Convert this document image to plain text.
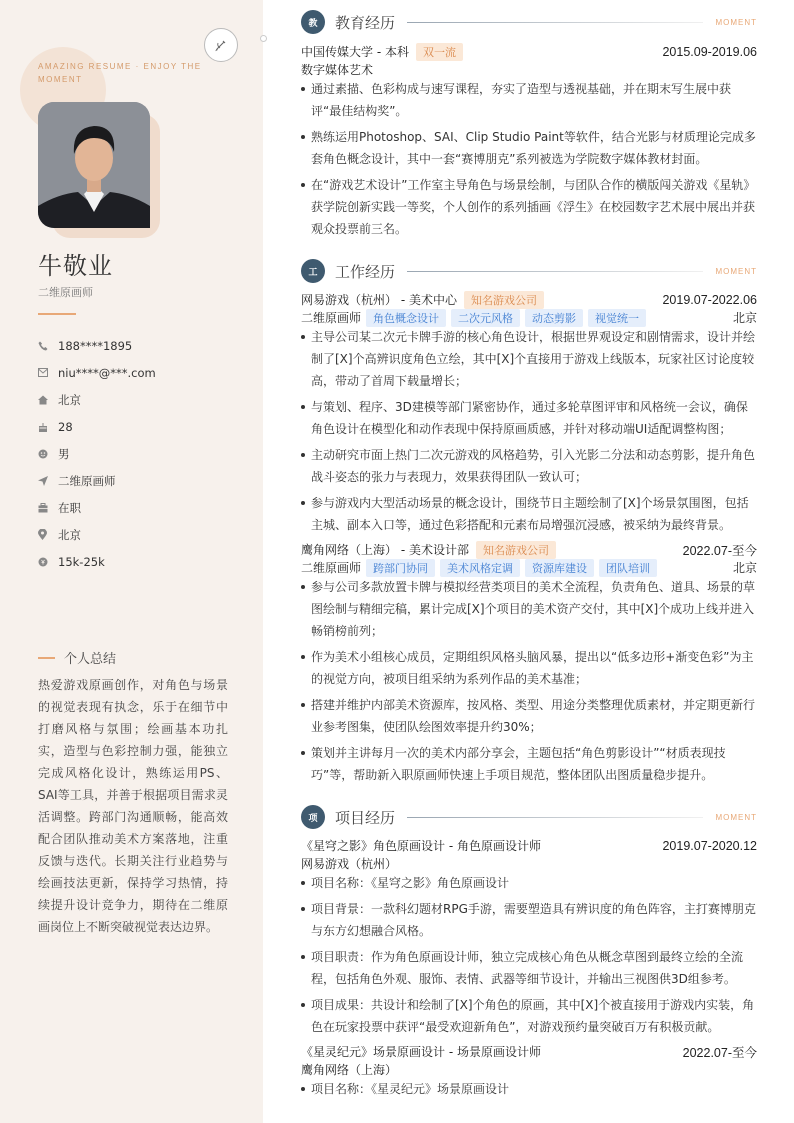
AMAZING RESUME · ENJOY THE MOMENT
牛敬业
二维原画师
188****1895
niu****@***.com
北京
28
男
二维原画师
在职
北京
15k-25k
个人总结
热爱游戏原画创作，对角色与场景的视觉表现有执念，乐于在细节中打磨风格与氛围；绘画基本功扎实，造型与色彩控制力强，能独立完成风格化设计，熟练运用PS、SAI等工具，并善于根据项目需求灵活调整。跨部门沟通顺畅，能高效配合团队推动美术方案落地，注重反馈与迭代。长期关注行业趋势与绘画技法更新，保持学习热情，持续提升设计竞争力，期待在二维原画岗位上不断突破视觉表达边界。
教	教育经历	MOMENT
中国传媒大学 - 本科	双一流	2015.09-2019.06
数字媒体艺术
通过素描、色彩构成与速写课程，夯实了造型与透视基础，并在期末写生展中获评“最佳结构奖”。
熟练运用Photoshop、SAI、Clip Studio Paint等软件，结合光影与材质理论完成多套角色概念设计，其中一套“赛博朋克”系列被选为学院数字媒体教材封面。
在“游戏艺术设计”工作室主导角色与场景绘制，与团队合作的横版闯关游戏《星轨》获学院创新实践一等奖，个人创作的系列插画《浮生》在校园数字艺术展中展出并获观众投票前三名。
工	工作经历	MOMENT
网易游戏（杭州） - 美术中心	知名游戏公司	2019.07-2022.06
二维原画师	角色概念设计	二次元风格	动态剪影	视觉统一	北京
主导公司某二次元卡牌手游的核心角色设计，根据世界观设定和剧情需求，设计并绘制了[X]个高辨识度角色立绘，其中[X]个直接用于游戏上线版本，玩家社区讨论度较高，带动了首周下载量增长；
与策划、程序、3D建模等部门紧密协作，通过多轮草图评审和风格统一会议，确保角色设计在模型化和动作表现中保持原画质感，并针对移动端UI适配调整构图；
主动研究市面上热门二次元游戏的风格趋势，引入光影二分法和动态剪影，提升角色战斗姿态的张力与表现力，效果获得团队一致认可；
参与游戏内大型活动场景的概念设计，围绕节日主题绘制了[X]个场景氛围图，包括主城、副本入口等，通过色彩搭配和元素布局增强沉浸感，被采纳为最终背景。
鹰角网络（上海） - 美术设计部	知名游戏公司	2022.07-至今
二维原画师	跨部门协同	美术风格定调	资源库建设	团队培训	北京
参与公司多款放置卡牌与模拟经营类项目的美术全流程，负责角色、道具、场景的草图绘制与精细完稿，累计完成[X]个项目的美术资产交付，其中[X]个成功上线并进入畅销榜前列；
作为美术小组核心成员，定期组织风格头脑风暴，提出以“低多边形+渐变色彩”为主的视觉方向，被项目组采纳为系列作品的美术基准；
搭建并维护内部美术资源库，按风格、类型、用途分类整理优质素材，并定期更新行业参考图集，使团队绘图效率提升约30%；
策划并主讲每月一次的美术内部分享会，主题包括“角色剪影设计”“材质表现技巧”等，帮助新入职原画师快速上手项目规范，整体团队出图质量稳步提升。
项	项目经历	MOMENT
《星穹之影》角色原画设计 - 角色原画设计师	2019.07-2020.12
网易游戏（杭州）
项目名称：《星穹之影》角色原画设计
项目背景：一款科幻题材RPG手游，需要塑造具有辨识度的角色阵容，主打赛博朋克与东方幻想融合风格。
项目职责：作为角色原画设计师，独立完成核心角色从概念草图到最终立绘的全流程，包括角色外观、服饰、表情、武器等细节设计，并输出三视图供3D组参考。
项目成果：共设计和绘制了[X]个角色的原画，其中[X]个被直接用于游戏内实装，角色在玩家投票中获评“最受欢迎新角色”，对游戏预约量突破百万有积极贡献。
《星灵纪元》场景原画设计 - 场景原画设计师	2022.07-至今
鹰角网络（上海）
项目名称：《星灵纪元》场景原画设计
